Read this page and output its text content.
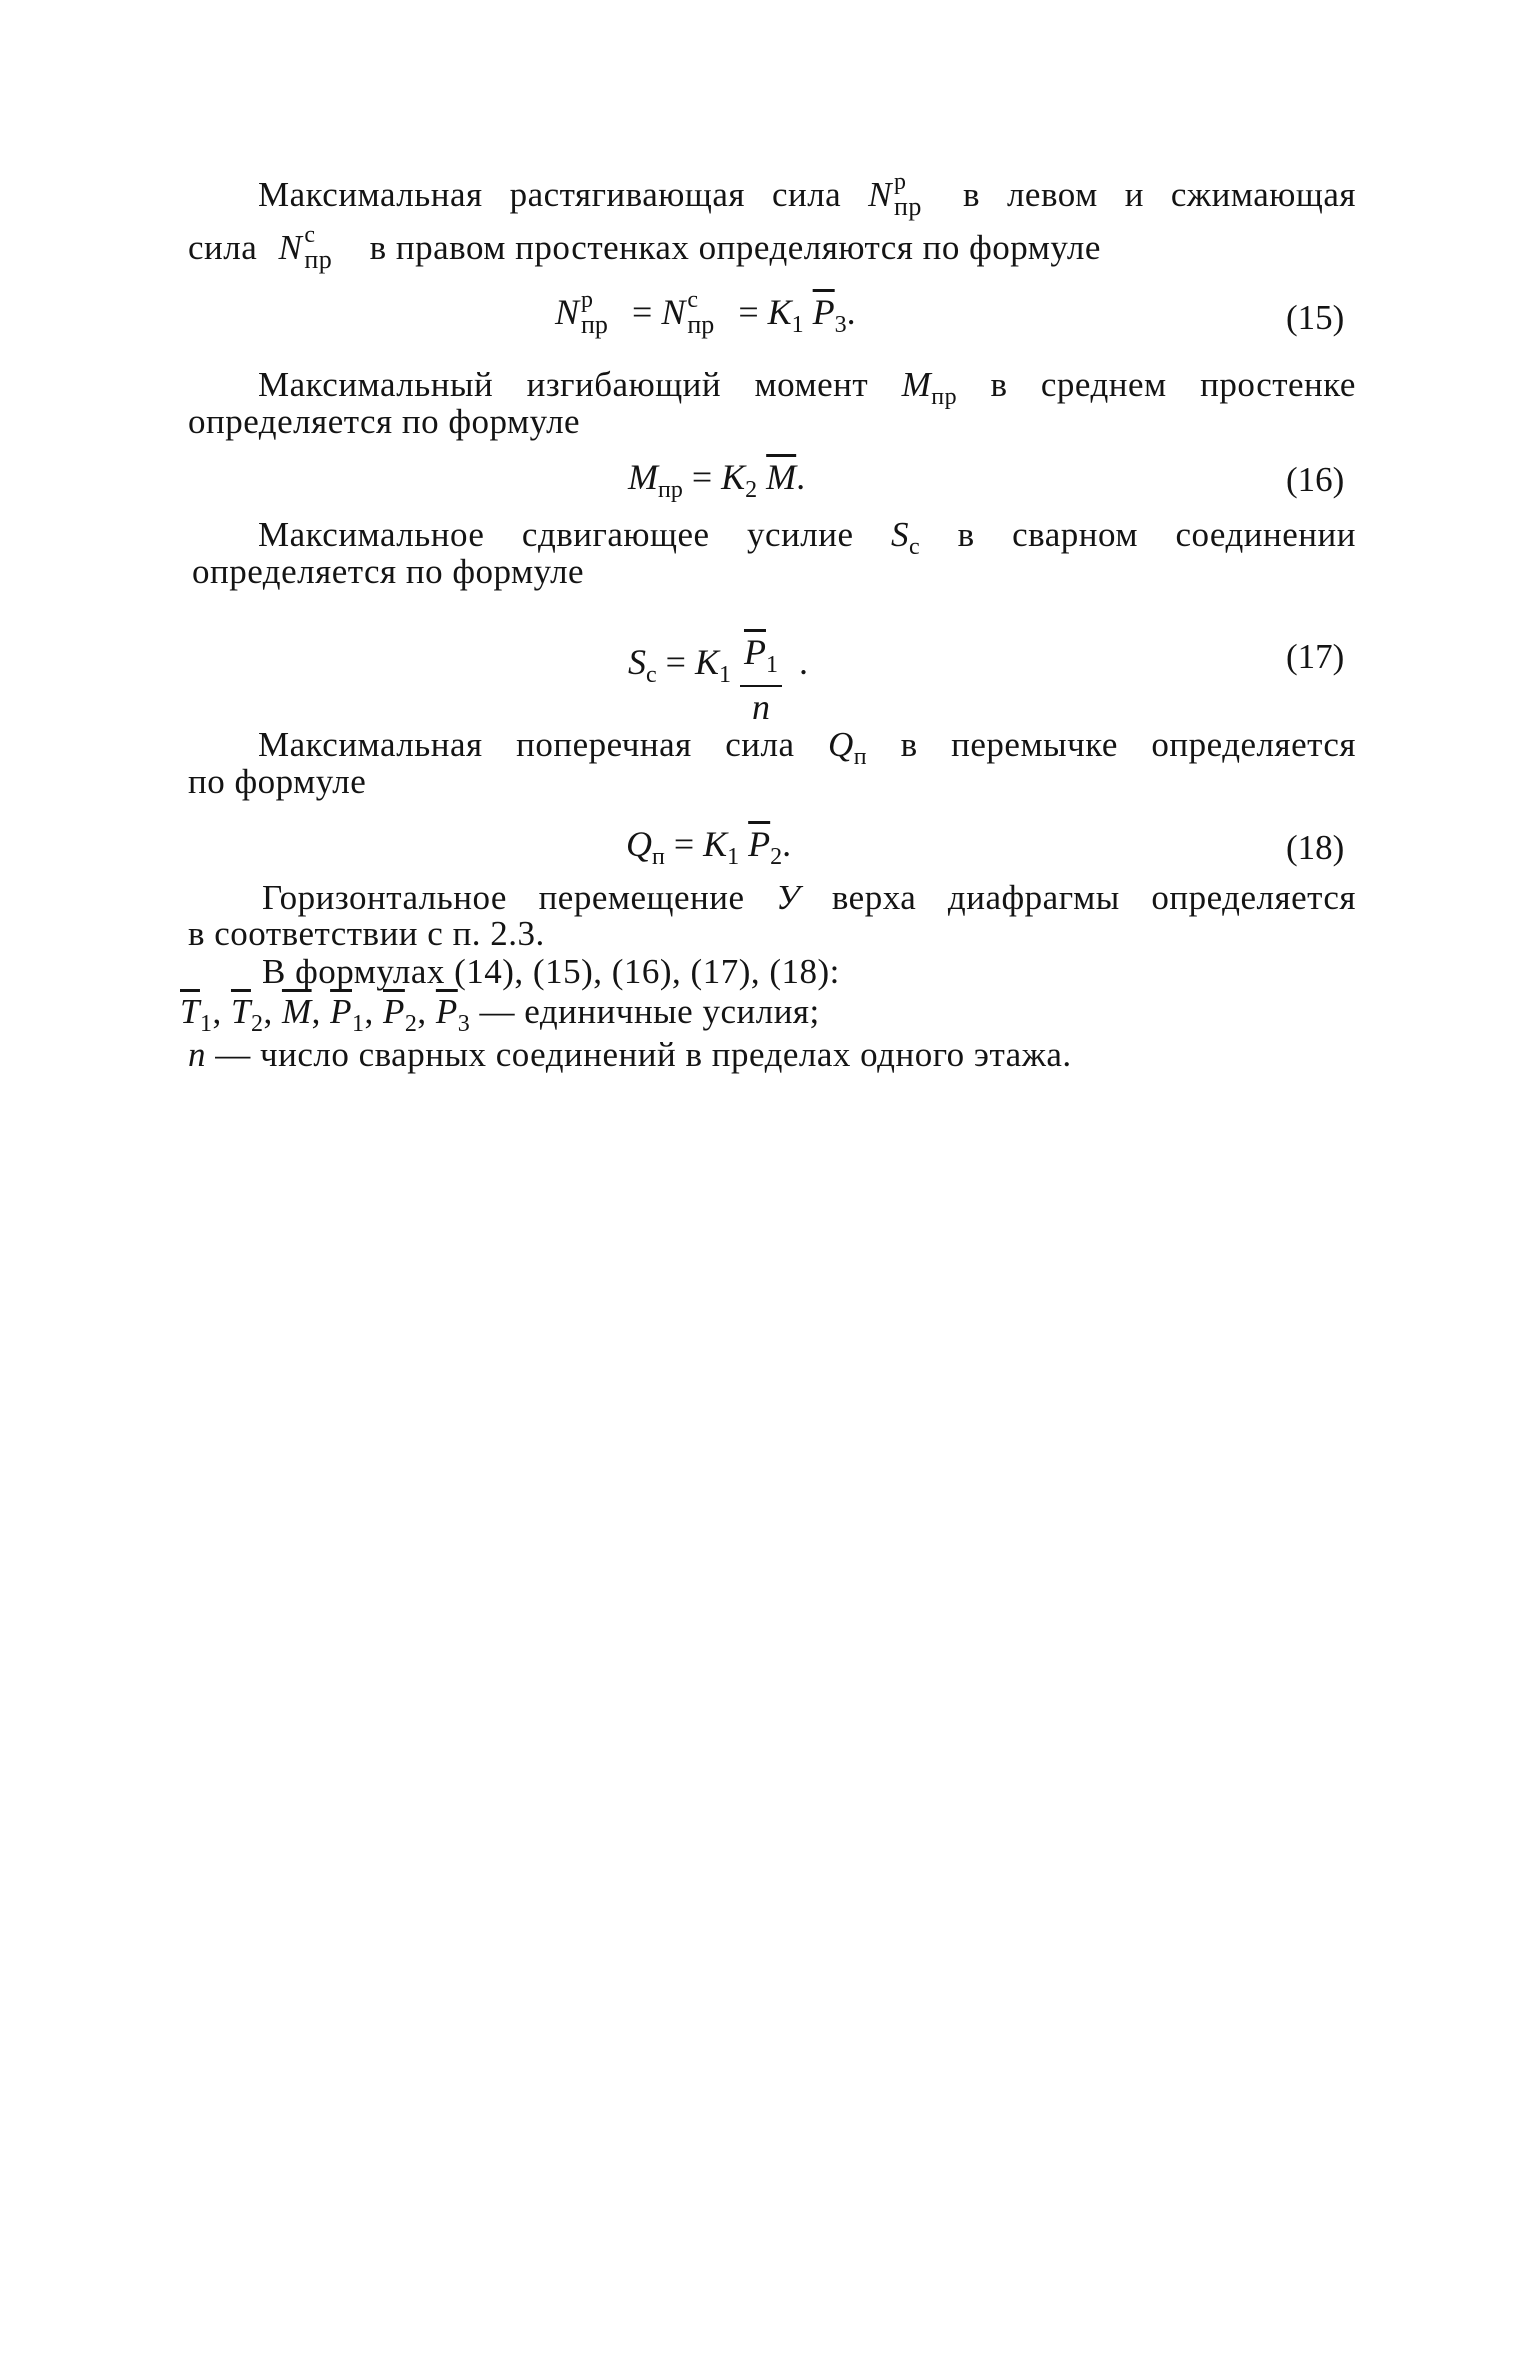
Максимальная растягивающая сила N р
пр в левом и сжимающая
сила N с
пр в правом простенках определяются по формуле
N р
пр = N с
пр = $K_1$ $\overline{P}_3$.	(15)
Максимальный изгибающий момент $M_{пр}$ в среднем простенке
определяется по формуле
$M_{пр} = K_2$ $\overline{M}$.	(16)
Максимальное сдвигающее усилие $S_с$ в сварном соединении
определяется по формуле
$S_с = K_1 \frac{\overline{P}_1}{n}$ .	(17)
Максимальная поперечная сила $Q_п$ в перемычке определяется
по формуле
$Q_п = K_1$ $\overline{P}_2$.	(18)
Горизонтальное перемещение У верха диафрагмы определяется
в соответствии с п. 2.3.
В формулах (14), (15), (16), (17), (18):
$\overline{T}_1$, $\overline{T}_2$, $\overline{M}$, $\overline{P}_1$, $\overline{P}_2$, $\overline{P}_3$ — единичные усилия;
n — число сварных соединений в пределах одного этажа.
